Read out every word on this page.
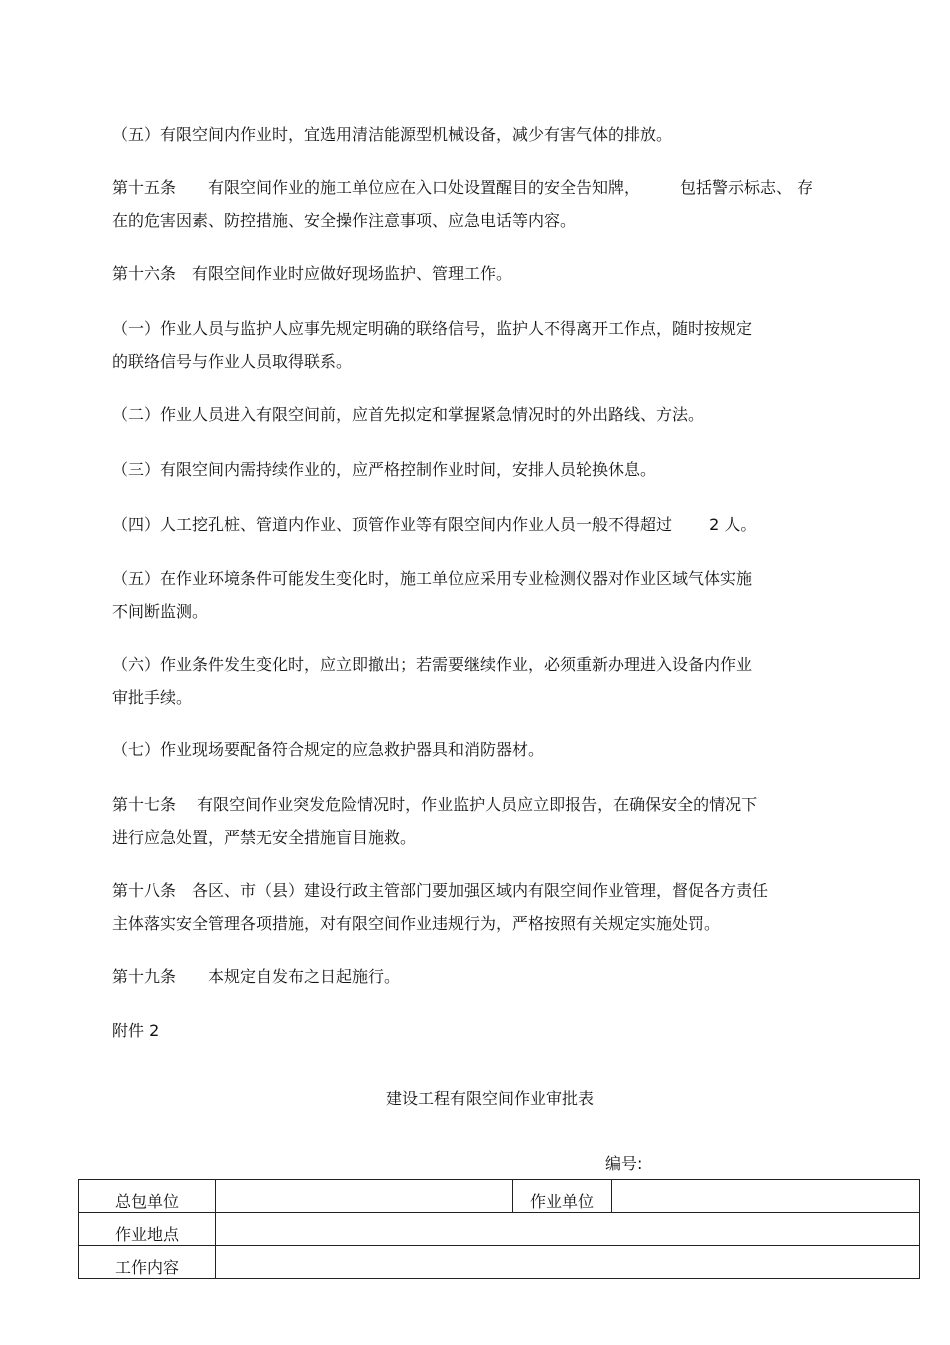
（五）有限空间内作业时，宜选用清洁能源型机械设备，减少有害气体的排放。
第十五条　　有限空间作业的施工单位应在入口处设置醒目的安全告知牌，　　　包括警示标志、 存
在的危害因素、防控措施、安全操作注意事项、应急电话等内容。
第十六条　有限空间作业时应做好现场监护、管理工作。
（一）作业人员与监护人应事先规定明确的联络信号，监护人不得离开工作点，随时按规定
的联络信号与作业人员取得联系。
（二）作业人员进入有限空间前，应首先拟定和掌握紧急情况时的外出路线、方法。
（三）有限空间内需持续作业的，应严格控制作业时间，安排人员轮换休息。
（四）人工挖孔桩、管道内作业、顶管作业等有限空间内作业人员一般不得超过　　 2 人。
（五）在作业环境条件可能发生变化时，施工单位应采用专业检测仪器对作业区域气体实施
不间断监测。
（六）作业条件发生变化时，应立即撤出；若需要继续作业，必须重新办理进入设备内作业
审批手续。
（七）作业现场要配备符合规定的应急救护器具和消防器材。
第十七条　 有限空间作业突发危险情况时，作业监护人员应立即报告，在确保安全的情况下
进行应急处置，严禁无安全措施盲目施救。
第十八条　各区、市（县）建设行政主管部门要加强区域内有限空间作业管理，督促各方责任
主体落实安全管理各项措施，对有限空间作业违规行为，严格按照有关规定实施处罚。
第十九条　　本规定自发布之日起施行。
附件 2

建设工程有限空间作业审批表

编号:
总包单位		作业单位	
作业地点			
工作内容			
